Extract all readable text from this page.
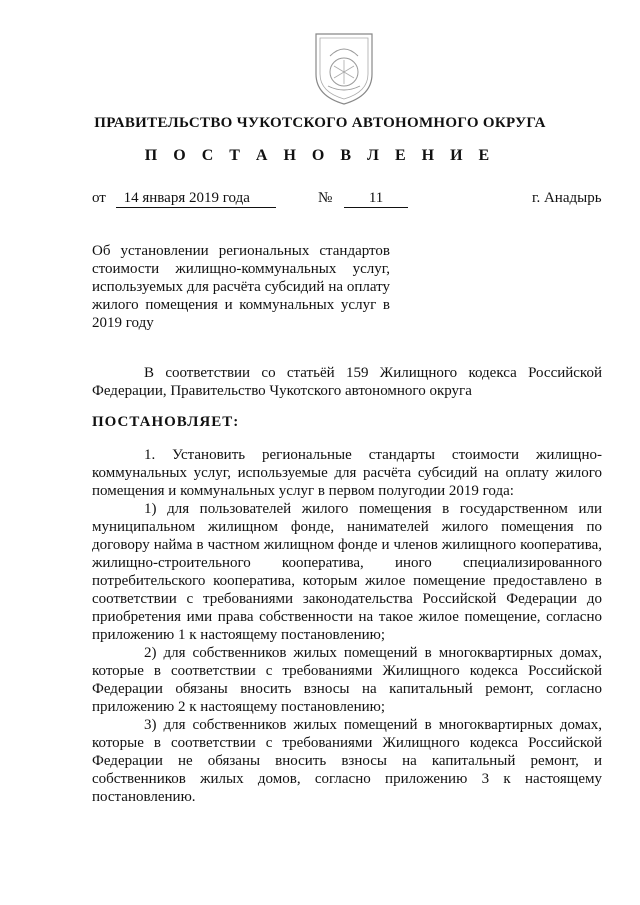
ПРАВИТЕЛЬСТВО ЧУКОТСКОГО АВТОНОМНОГО ОКРУГА
П О С Т А Н О В Л Е Н И Е
от 14 января 2019 года	№ 11	г. Анадырь
Об установлении региональных стандартов стоимости жилищно-коммунальных услуг, используемых для расчёта субсидий на оплату жилого помещения и коммунальных услуг в 2019 году
В соответствии со статьёй 159 Жилищного кодекса Российской Федерации, Правительство Чукотского автономного округа
ПОСТАНОВЛЯЕТ:

1. Установить региональные стандарты стоимости жилищно-коммунальных услуг, используемые для расчёта субсидий на оплату жилого помещения и коммунальных услуг в первом полугодии 2019 года:

1) для пользователей жилого помещения в государственном или муниципальном жилищном фонде, нанимателей жилого помещения по договору найма в частном жилищном фонде и членов жилищного кооператива, жилищно-строительного кооператива, иного специализированного потребительского кооператива, которым жилое помещение предоставлено в соответствии с требованиями законодательства Российской Федерации до приобретения ими права собственности на такое жилое помещение, согласно приложению 1 к настоящему постановлению;

2) для собственников жилых помещений в многоквартирных домах, которые в соответствии с требованиями Жилищного кодекса Российской Федерации обязаны вносить взносы на капитальный ремонт, согласно приложению 2 к настоящему постановлению;

3) для собственников жилых помещений в многоквартирных домах, которые в соответствии с требованиями Жилищного кодекса Российской Федерации не обязаны вносить взносы на капитальный ремонт, и собственников жилых домов, согласно приложению 3 к настоящему постановлению.
